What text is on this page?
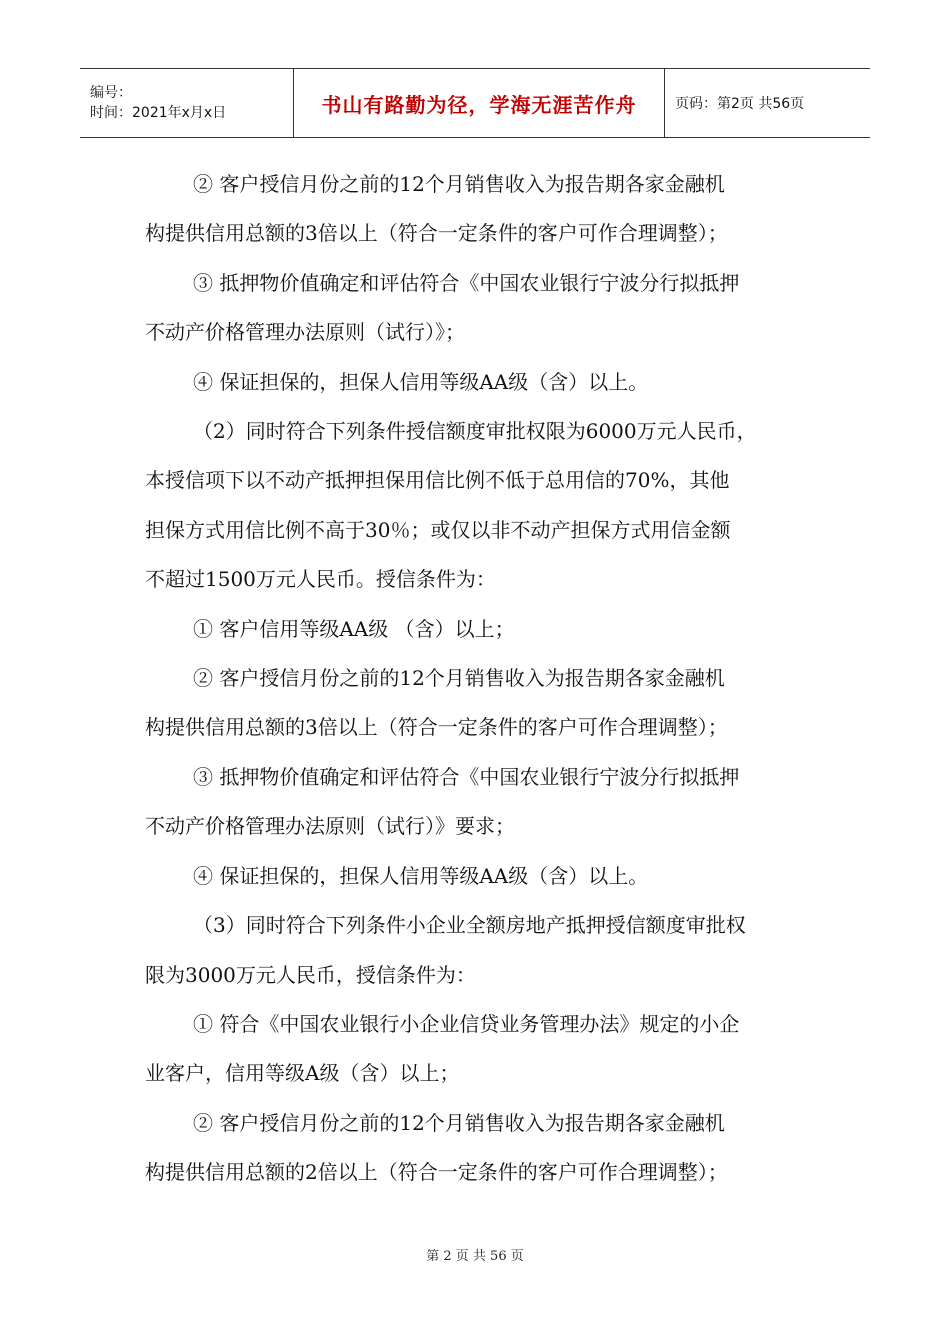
编号：
时间：2021年x月x日	书山有路勤为径，学海无涯苦作舟	页码：第2页 共56页

② 客户授信月份之前的12个月销售收入为报告期各家金融机

构提供信用总额的3倍以上（符合一定条件的客户可作合理调整）；

③ 抵押物价值确定和评估符合《中国农业银行宁波分行拟抵押

不动产价格管理办法原则（试行）》；

④ 保证担保的，担保人信用等级AA级（含）以上。

（2）同时符合下列条件授信额度审批权限为6000万元人民币，

本授信项下以不动产抵押担保用信比例不低于总用信的70%，其他

担保方式用信比例不高于30％；或仅以非不动产担保方式用信金额

不超过1500万元人民币。授信条件为：

① 客户信用等级AA级 （含）以上；

② 客户授信月份之前的12个月销售收入为报告期各家金融机

构提供信用总额的3倍以上（符合一定条件的客户可作合理调整）；

③ 抵押物价值确定和评估符合《中国农业银行宁波分行拟抵押

不动产价格管理办法原则（试行）》要求；

④ 保证担保的，担保人信用等级AA级（含）以上。

（3）同时符合下列条件小企业全额房地产抵押授信额度审批权

限为3000万元人民币，授信条件为：

① 符合《中国农业银行小企业信贷业务管理办法》规定的小企

业客户，信用等级A级（含）以上；

② 客户授信月份之前的12个月销售收入为报告期各家金融机

构提供信用总额的2倍以上（符合一定条件的客户可作合理调整）；

第 2 页 共 56 页
